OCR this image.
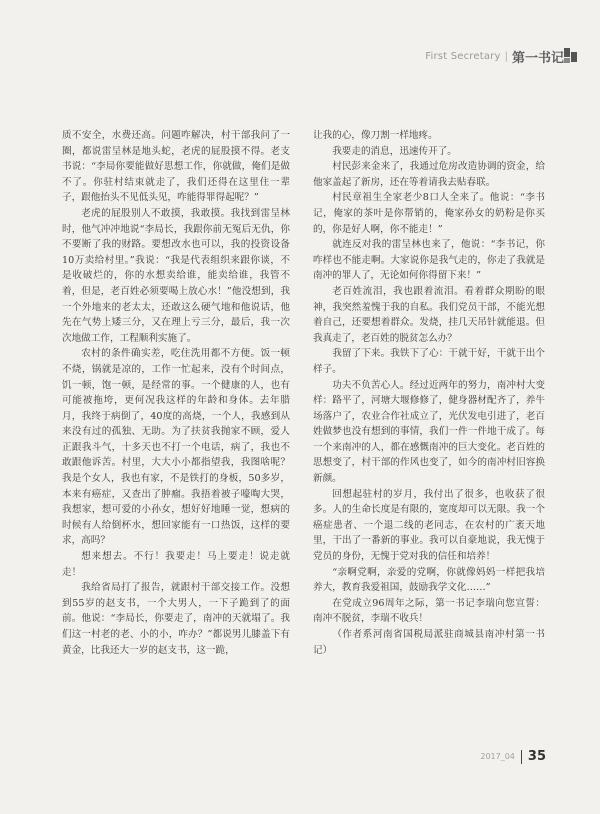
First Secretary | 第一书记

质不安全，水费还高。问题咋解决，村干部我问了一圈，都说雷呈林是地头蛇，老虎的屁股摸不得。老支书说：“李局你要能做好思想工作，你就做，俺们是做不了。你驻村结束就走了，我们还得在这里住一辈子，跟他抬头不见低头见，咋能得罪得起呢？”

老虎的屁股别人不敢摸，我敢摸。我找到雷呈林时，他气冲冲地说“李局长，我跟你前无冤后无仇，你不要断了我的财路。要想改水也可以，我的投资设备10万卖给村里。”我说：“我是代表组织来跟你谈，不是收破烂的，你的水想卖给谁，能卖给谁，我管不着，但是，老百姓必须要喝上放心水！”他没想到，我一个外地来的老太太，还敢这么硬气地和他说话，他先在气势上矮三分，又在理上亏三分，最后，我一次次地做工作，工程顺利实施了。

农村的条件确实差，吃住洗用都不方便。饭一顿不烧，锅就是凉的，工作一忙起来，没有个时间点，饥一顿，饱一顿，是经常的事。一个健康的人，也有可能被拖垮，更何况我这样的年龄和身体。去年腊月，我终于病倒了，40度的高烧，一个人，我感到从来没有过的孤独、无助。为了扶贫我抛家不顾，爱人正跟我斗气，十多天也不打一个电话，病了，我也不敢跟他诉苦。村里，大大小小都指望我，我图啥呢？我是个女人，我也有家，不是铁打的身板，50多岁，本来有癌症，又查出了肿瘤。我捂着被子嚎啕大哭，我想家，想可爱的小孙女，想好好地睡一觉，想病的时候有人给倒杯水，想回家能有一口热饭，这样的要求，高吗？

想来想去。不行！我要走！马上要走！说走就走！

我给省局打了报告，就跟村干部交接工作。没想到55岁的赵支书，一个大男人，一下子跪到了的面前。他说：“李局长，你要走了，南冲的天就塌了。我们这一村老的老、小的小，咋办？”都说男儿膝盖下有黄金，比我还大一岁的赵支书，这一跪，

让我的心，像刀割一样地疼。

我要走的消息，迅速传开了。

村民彭来金来了，我通过危房改造协调的资金，给他家盖起了新房，还在等着请我去贴春联。

村民章祖生全家老少8口人全来了。他说：“李书记，俺家的茶叶是你帮销的，俺家孙女的奶粉是你买的，你是好人啊，你不能走！”

就连反对我的雷呈林也来了，他说：“李书记，你咋样也不能走啊。大家说你是我气走的，你走了我就是南冲的罪人了，无论如何你得留下来！”

老百姓流泪，我也跟着流泪。看着群众期盼的眼神，我突然羞愧于我的自私。我们党员干部，不能光想着自己，还要想着群众。发烧，挂几天吊针就能退。但我真走了，老百姓的脱贫怎么办？

我留了下来。我铁下了心：干就干好，干就干出个样子。

功夫不负苦心人。经过近两年的努力，南冲村大变样：路平了，河塘大堰修修了，健身器材配齐了，养牛场落户了，农业合作社成立了，光伏发电引进了，老百姓做梦也没有想到的事情，我们一件一件地干成了。每一个来南冲的人，都在感慨南冲的巨大变化。老百姓的思想变了，村干部的作风也变了，如今的南冲村旧容换新颜。

回想起驻村的岁月，我付出了很多，也收获了很多。人的生命长度是有限的，宽度却可以无限。我一个癌症患者、一个退二线的老同志，在农村的广袤天地里，干出了一番新的事业。我可以自豪地说，我无愧于党员的身份，无愧于党对我的信任和培养！

“亲啊党啊，亲爱的党啊，你就像妈妈一样把我培养大，教育我爱祖国，鼓励我学文化……”

在党成立96周年之际，第一书记李瑞向您宣誓：南冲不脱贫，李瑞不收兵！

（作者系河南省国税局派驻商城县南冲村第一书记）

2017_04 35
